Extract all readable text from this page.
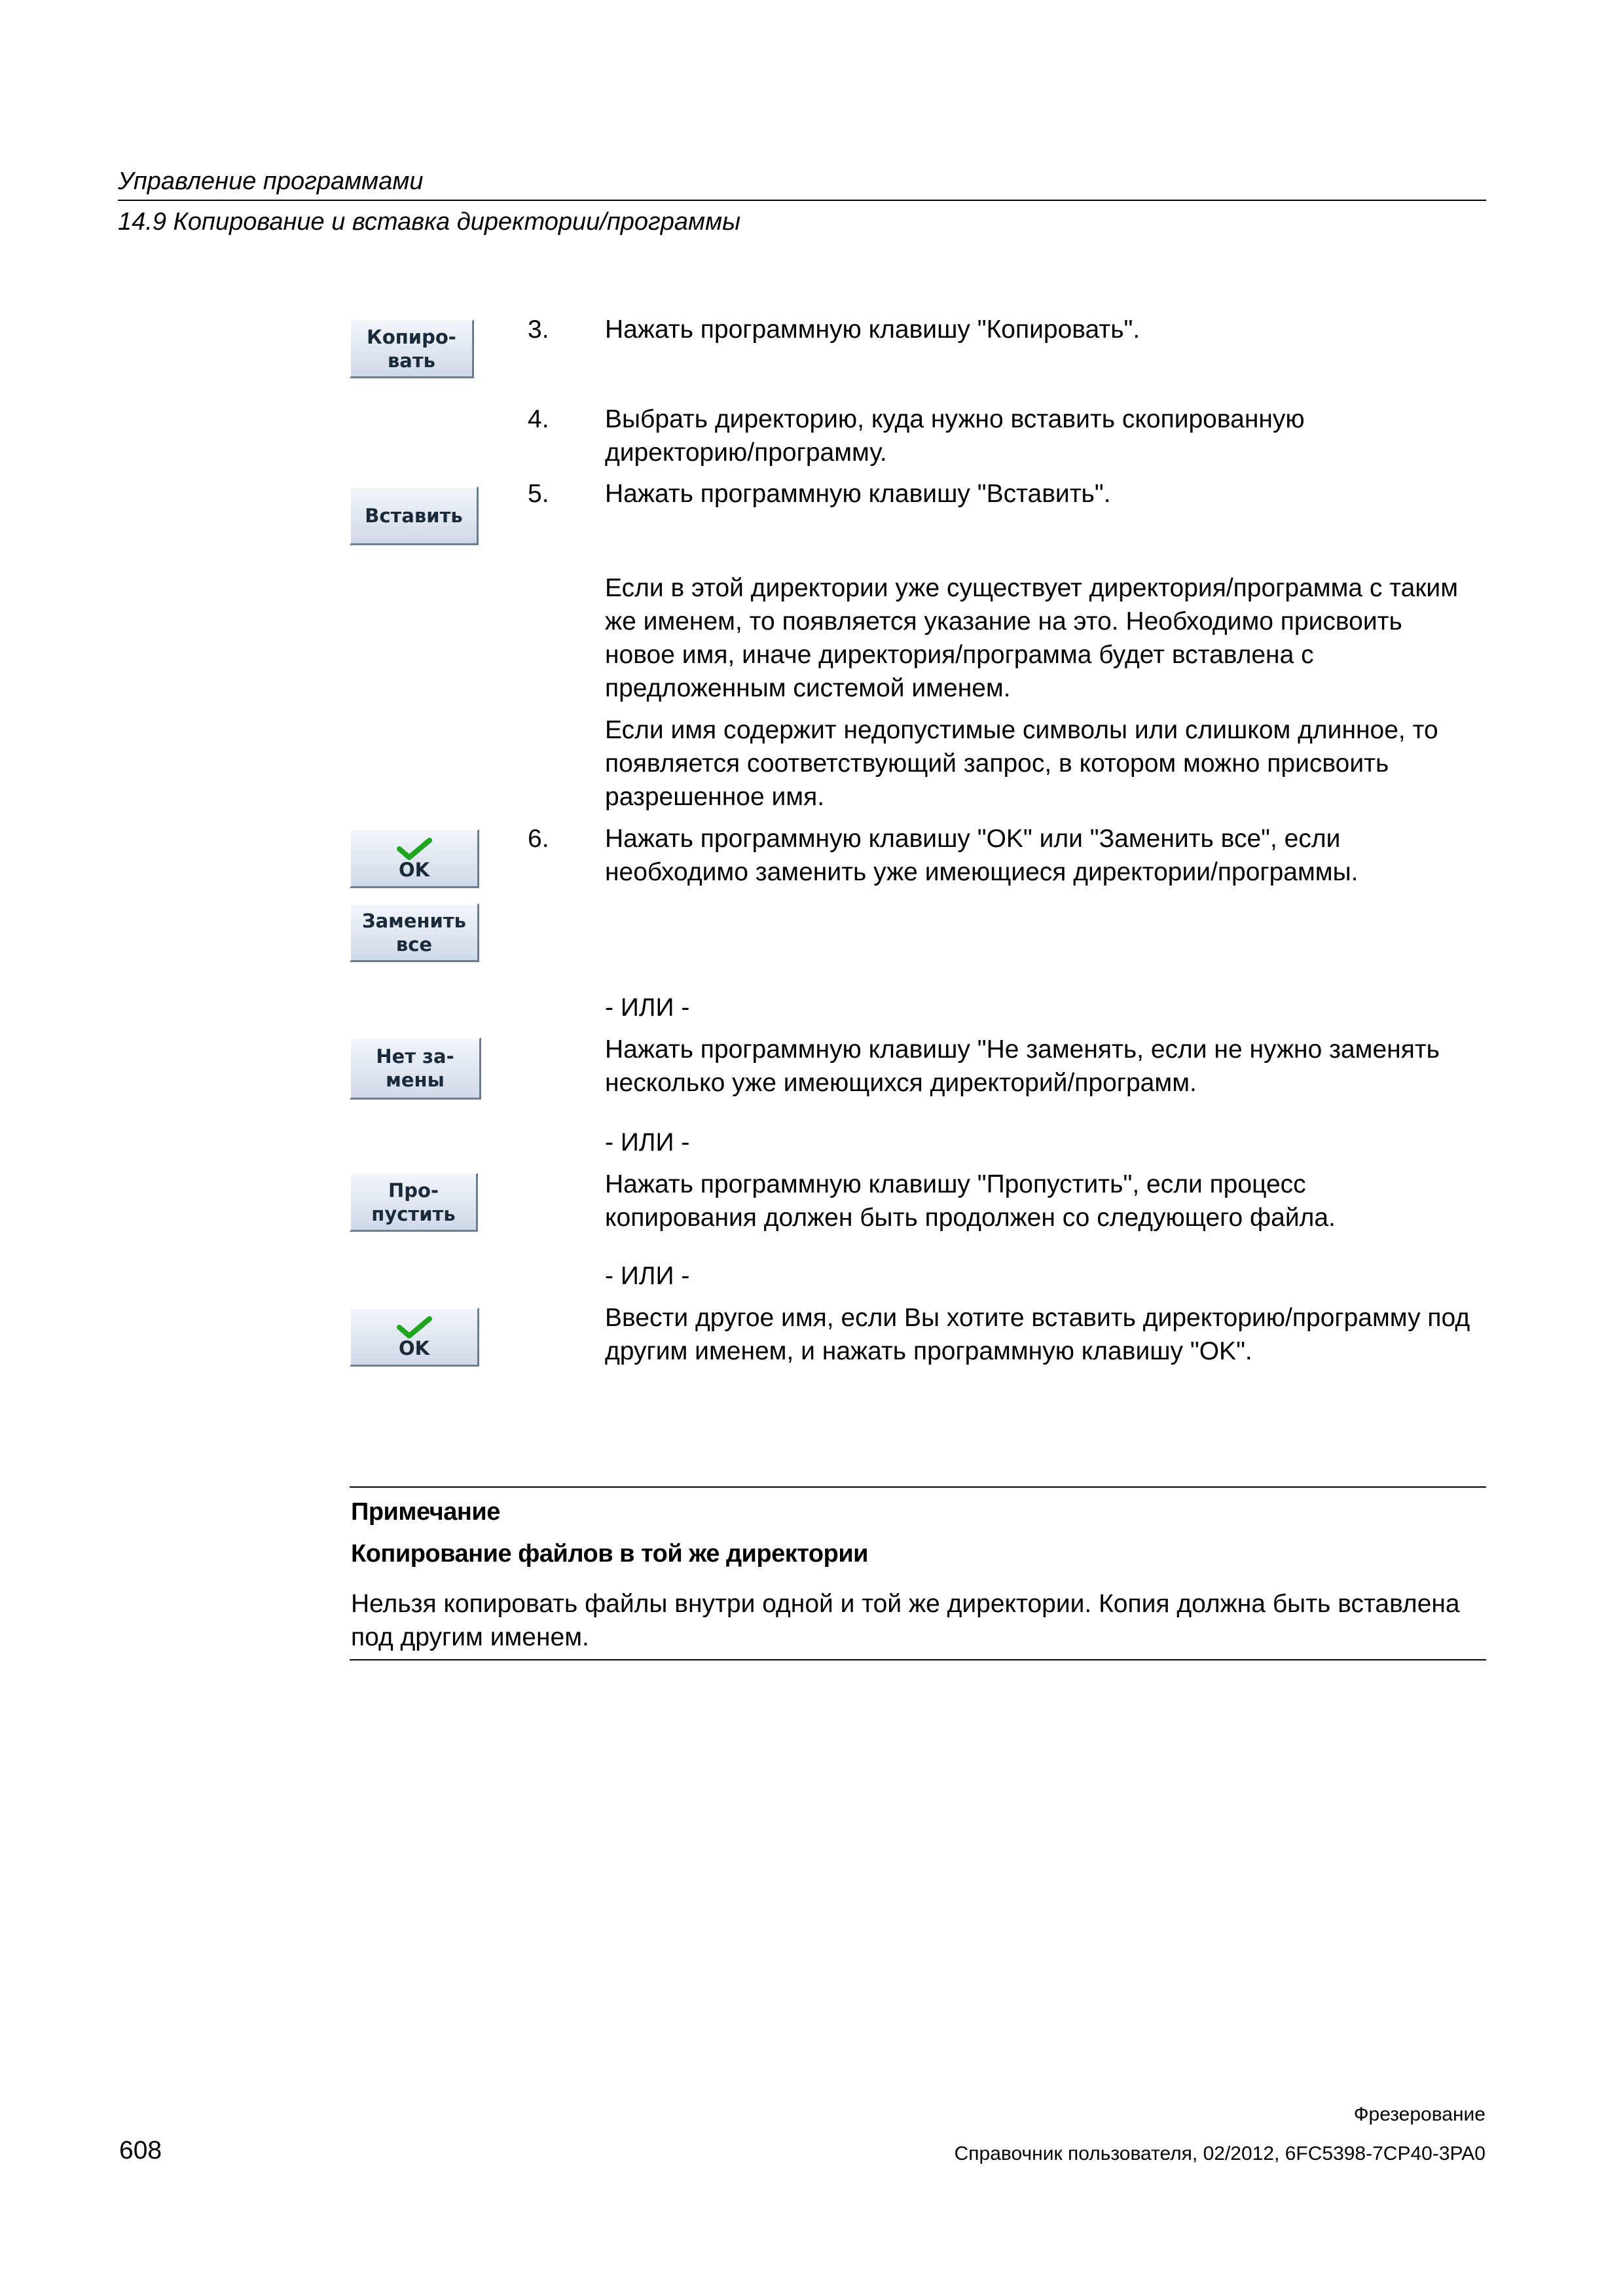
Управление программами
14.9 Копирование и вставка директории/программы
Копиро-
вать
Вставить
OK
Заменить
все
Нет за-
мены
Про-
пустить
OK
3.
4.
5.
6.
Нажать программную клавишу "Копировать".
Выбрать директорию, куда нужно вставить скопированную директорию/программу.
Нажать программную клавишу "Вставить".
Если в этой директории уже существует директория/программа с таким же именем, то появляется указание на это. Необходимо присвоить новое имя, иначе директория/программа будет вставлена с предложенным системой именем.
Если имя содержит недопустимые символы или слишком длинное, то появляется соответствующий запрос, в котором можно присвоить разрешенное имя.
Нажать программную клавишу "OK" или "Заменить все", если необходимо заменить уже имеющиеся директории/программы.
- ИЛИ -
Нажать программную клавишу "Не заменять, если не нужно заменять несколько уже имеющихся директорий/программ.
- ИЛИ -
Нажать программную клавишу "Пропустить", если процесс копирования должен быть продолжен со следующего файла.
- ИЛИ -
Ввести другое имя, если Вы хотите вставить директорию/программу под другим именем, и нажать программную клавишу "OK".
Примечание
Копирование файлов в той же директории
Нельзя копировать файлы внутри одной и той же директории. Копия должна быть вставлена под другим именем.
Фрезерование
608	Справочник пользователя, 02/2012, 6FC5398-7CP40-3PA0
